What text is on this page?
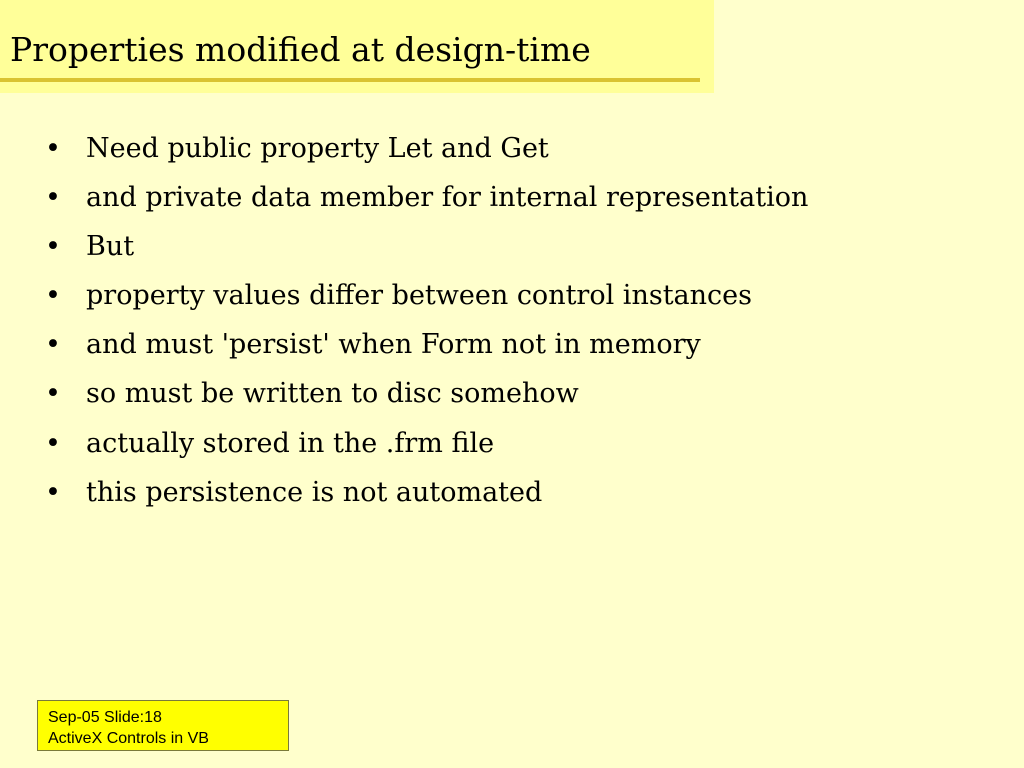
Properties modified at design-time
• Need public property Let and Get
• and private data member for internal representation
• But
• property values differ between control instances
• and must 'persist' when Form not in memory
• so must be written to disc somehow
• actually stored in the .frm file
• this persistence is not automated
Sep-05 Slide:18
ActiveX Controls in VB
